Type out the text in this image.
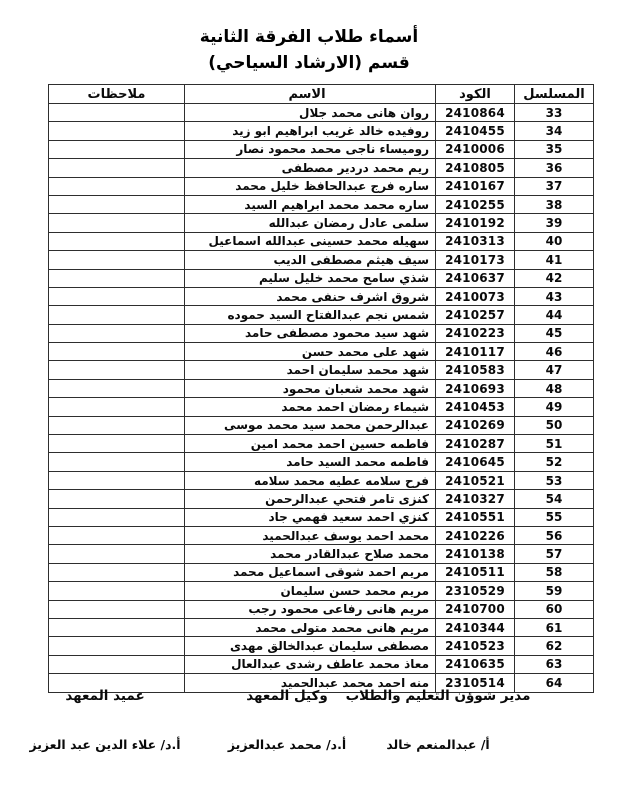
أسماء طلاب الفرقة الثانية
قسم (الارشاد السياحي)
المسلسل	الكود	الاسم	ملاحظات
33	2410864	روان هانى محمد جلال	
34	2410455	روفيده خالد غريب ابراهيم ابو زيد	
35	2410006	روميساء ناجى محمد محمود نصار	
36	2410805	ريم محمد دردير مصطفى	
37	2410167	ساره فرج عبدالحافظ خليل محمد	
38	2410255	ساره محمد محمد ابراهيم السيد	
39	2410192	سلمى عادل رمضان عبدالله	
40	2410313	سهيله محمد حسينى عبدالله اسماعيل	
41	2410173	سيف هيثم مصطفى الديب	
42	2410637	شذي سامح محمد خليل سليم	
43	2410073	شروق اشرف حنفى محمد	
44	2410257	شمس نجم عبدالفتاح السيد حموده	
45	2410223	شهد سيد محمود مصطفى حامد	
46	2410117	شهد على محمد حسن	
47	2410583	شهد محمد سليمان احمد	
48	2410693	شهد محمد شعبان محمود	
49	2410453	شيماء رمضان احمد محمد	
50	2410269	عبدالرحمن محمد سيد محمد موسى	
51	2410287	فاطمه حسين احمد محمد امين	
52	2410645	فاطمه محمد السيد حامد	
53	2410521	فرح سلامه عطيه محمد سلامه	
54	2410327	كنزى تامر فتحي عبدالرحمن	
55	2410551	كنزي احمد سعيد فهمي جاد	
56	2410226	محمد احمد يوسف عبدالحميد	
57	2410138	محمد صلاح عبدالقادر محمد	
58	2410511	مريم احمد شوقى اسماعيل محمد	
59	2310529	مريم محمد حسن سليمان	
60	2410700	مريم هانى رفاعى محمود رجب	
61	2410344	مريم هانى محمد متولى محمد	
62	2410523	مصطفى سليمان عبدالخالق مهدى	
63	2410635	معاذ محمد عاطف رشدى عبدالعال	
64	2310514	منه احمد محمد عبدالحميد	
مدير شوؤن التعليم والطلاب
أ/ عبدالمنعم خالد
وكيل المعهد
أ.د/ محمد عبدالعزيز
عميد المعهد
أ.د/ علاء الدين عبد العزيز
